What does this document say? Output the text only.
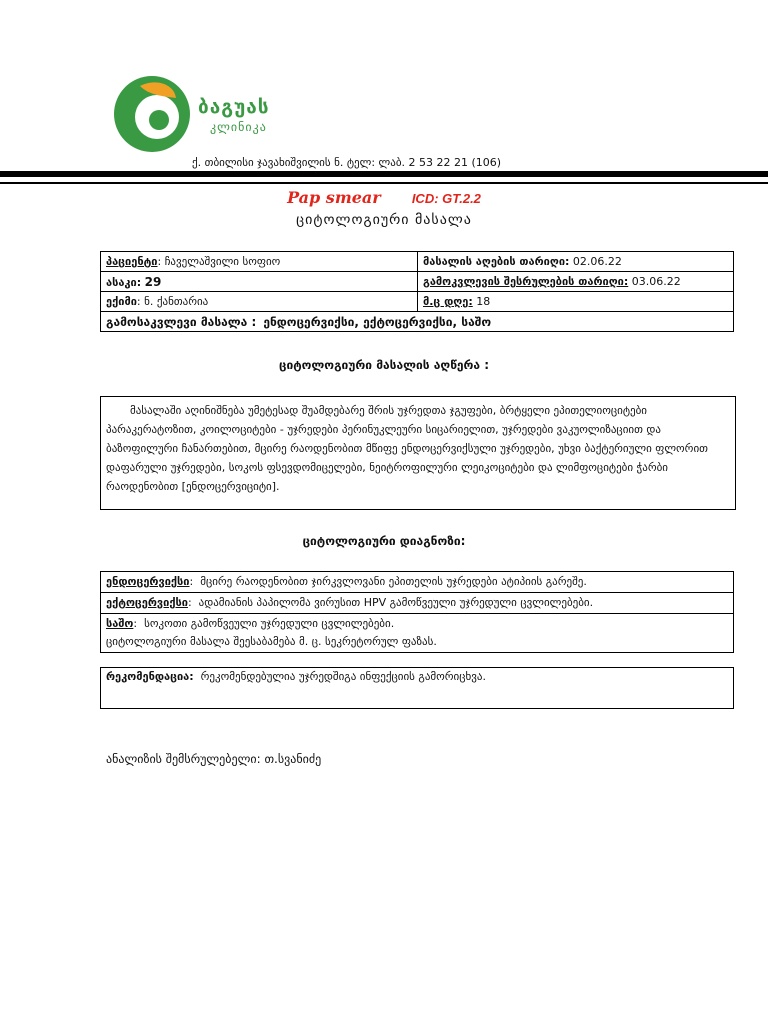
ბაგუას
კლინიკა
ქ. თბილისი ჯავახიშვილის ნ. ტელ: ლაბ. 2 53 22 21 (106)
Pap smear ICD: GT.2.2
ციტოლოგიური მასალა
პაციენტი: ჩაველაშვილი სოფიო	მასალის აღების თარიღი: 02.06.22
ასაკი: 29	გამოკვლევის შესრულების თარიღი: 03.06.22
ექიმი: ნ. ქანთარია	მ.ც დღე: 18
გამოსაკვლევი მასალა : ენდოცერვიქსი, ექტოცერვიქსი, საშო	
ციტოლოგიური მასალის აღწერა :

მასალაში აღინიშნება უმეტესად შუამდებარე შრის უჯრედთა ჯგუფები, ბრტყელი ეპითელიოციტები პარაკერატოზით, კოილოციტები - უჯრედები პერინუკლეური სიცარიელით, უჯრედები ვაკუოლიზაციით და ბაზოფილური ჩანართებით, მცირე რაოდენობით მწიფე ენდოცერვიქსული უჯრედები, უხვი ბაქტერიული ფლორით დაფარული უჯრედები, სოკოს ფსევდომიცელები, ნეიტროფილური ლეიკოციტები და ლიმფოციტები ჭარბი რაოდენობით [ენდოცერვიციტი].

ციტოლოგიური დიაგნოზი:
ენდოცერვიქსი:  მცირე რაოდენობით ჯირკვლოვანი ეპითელის უჯრედები ატიპიის გარეშე.
ექტოცერვიქსი:  ადამიანის პაპილომა ვირუსით HPV გამოწვეული უჯრედული ცვლილებები.
საშო:  სოკოთი გამოწვეული უჯრედული ცვლილებები.
ციტოლოგიური მასალა შეესაბამება მ. ც. სეკრეტორულ ფაზას.
რეკომენდაცია: რეკომენდებულია უჯრედშიგა ინფექციის გამორიცხვა.
ანალიზის შემსრულებელი: თ.სვანიძე
